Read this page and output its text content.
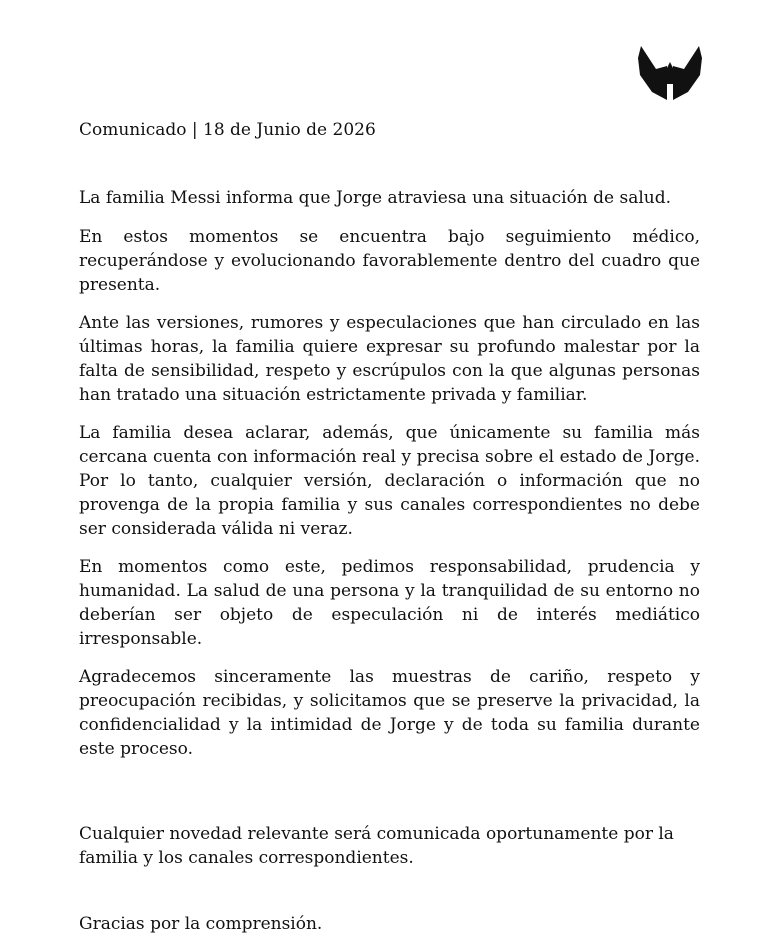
Comunicado | 18 de Junio de 2026

La familia Messi informa que Jorge atraviesa una situación de salud.

En estos momentos se encuentra bajo seguimiento médico, recuperándose y evolucionando favorablemente dentro del cuadro que presenta.

Ante las versiones, rumores y especulaciones que han circulado en las últimas horas, la familia quiere expresar su profundo malestar por la falta de sensibilidad, respeto y escrúpulos con la que algunas personas han tratado una situación estrictamente privada y familiar.

La familia desea aclarar, además, que únicamente su familia más cercana cuenta con información real y precisa sobre el estado de Jorge. Por lo tanto, cualquier versión, declaración o información que no provenga de la propia familia y sus canales correspondientes no debe ser considerada válida ni veraz.

En momentos como este, pedimos responsabilidad, prudencia y humanidad. La salud de una persona y la tranquilidad de su entorno no deberían ser objeto de especulación ni de interés mediático irresponsable.

Agradecemos sinceramente las muestras de cariño, respeto y preocupación recibidas, y solicitamos que se preserve la privacidad, la confidencialidad y la intimidad de Jorge y de toda su familia durante este proceso.

Cualquier novedad relevante será comunicada oportunamente por la familia y los canales correspondientes.

Gracias por la comprensión.
